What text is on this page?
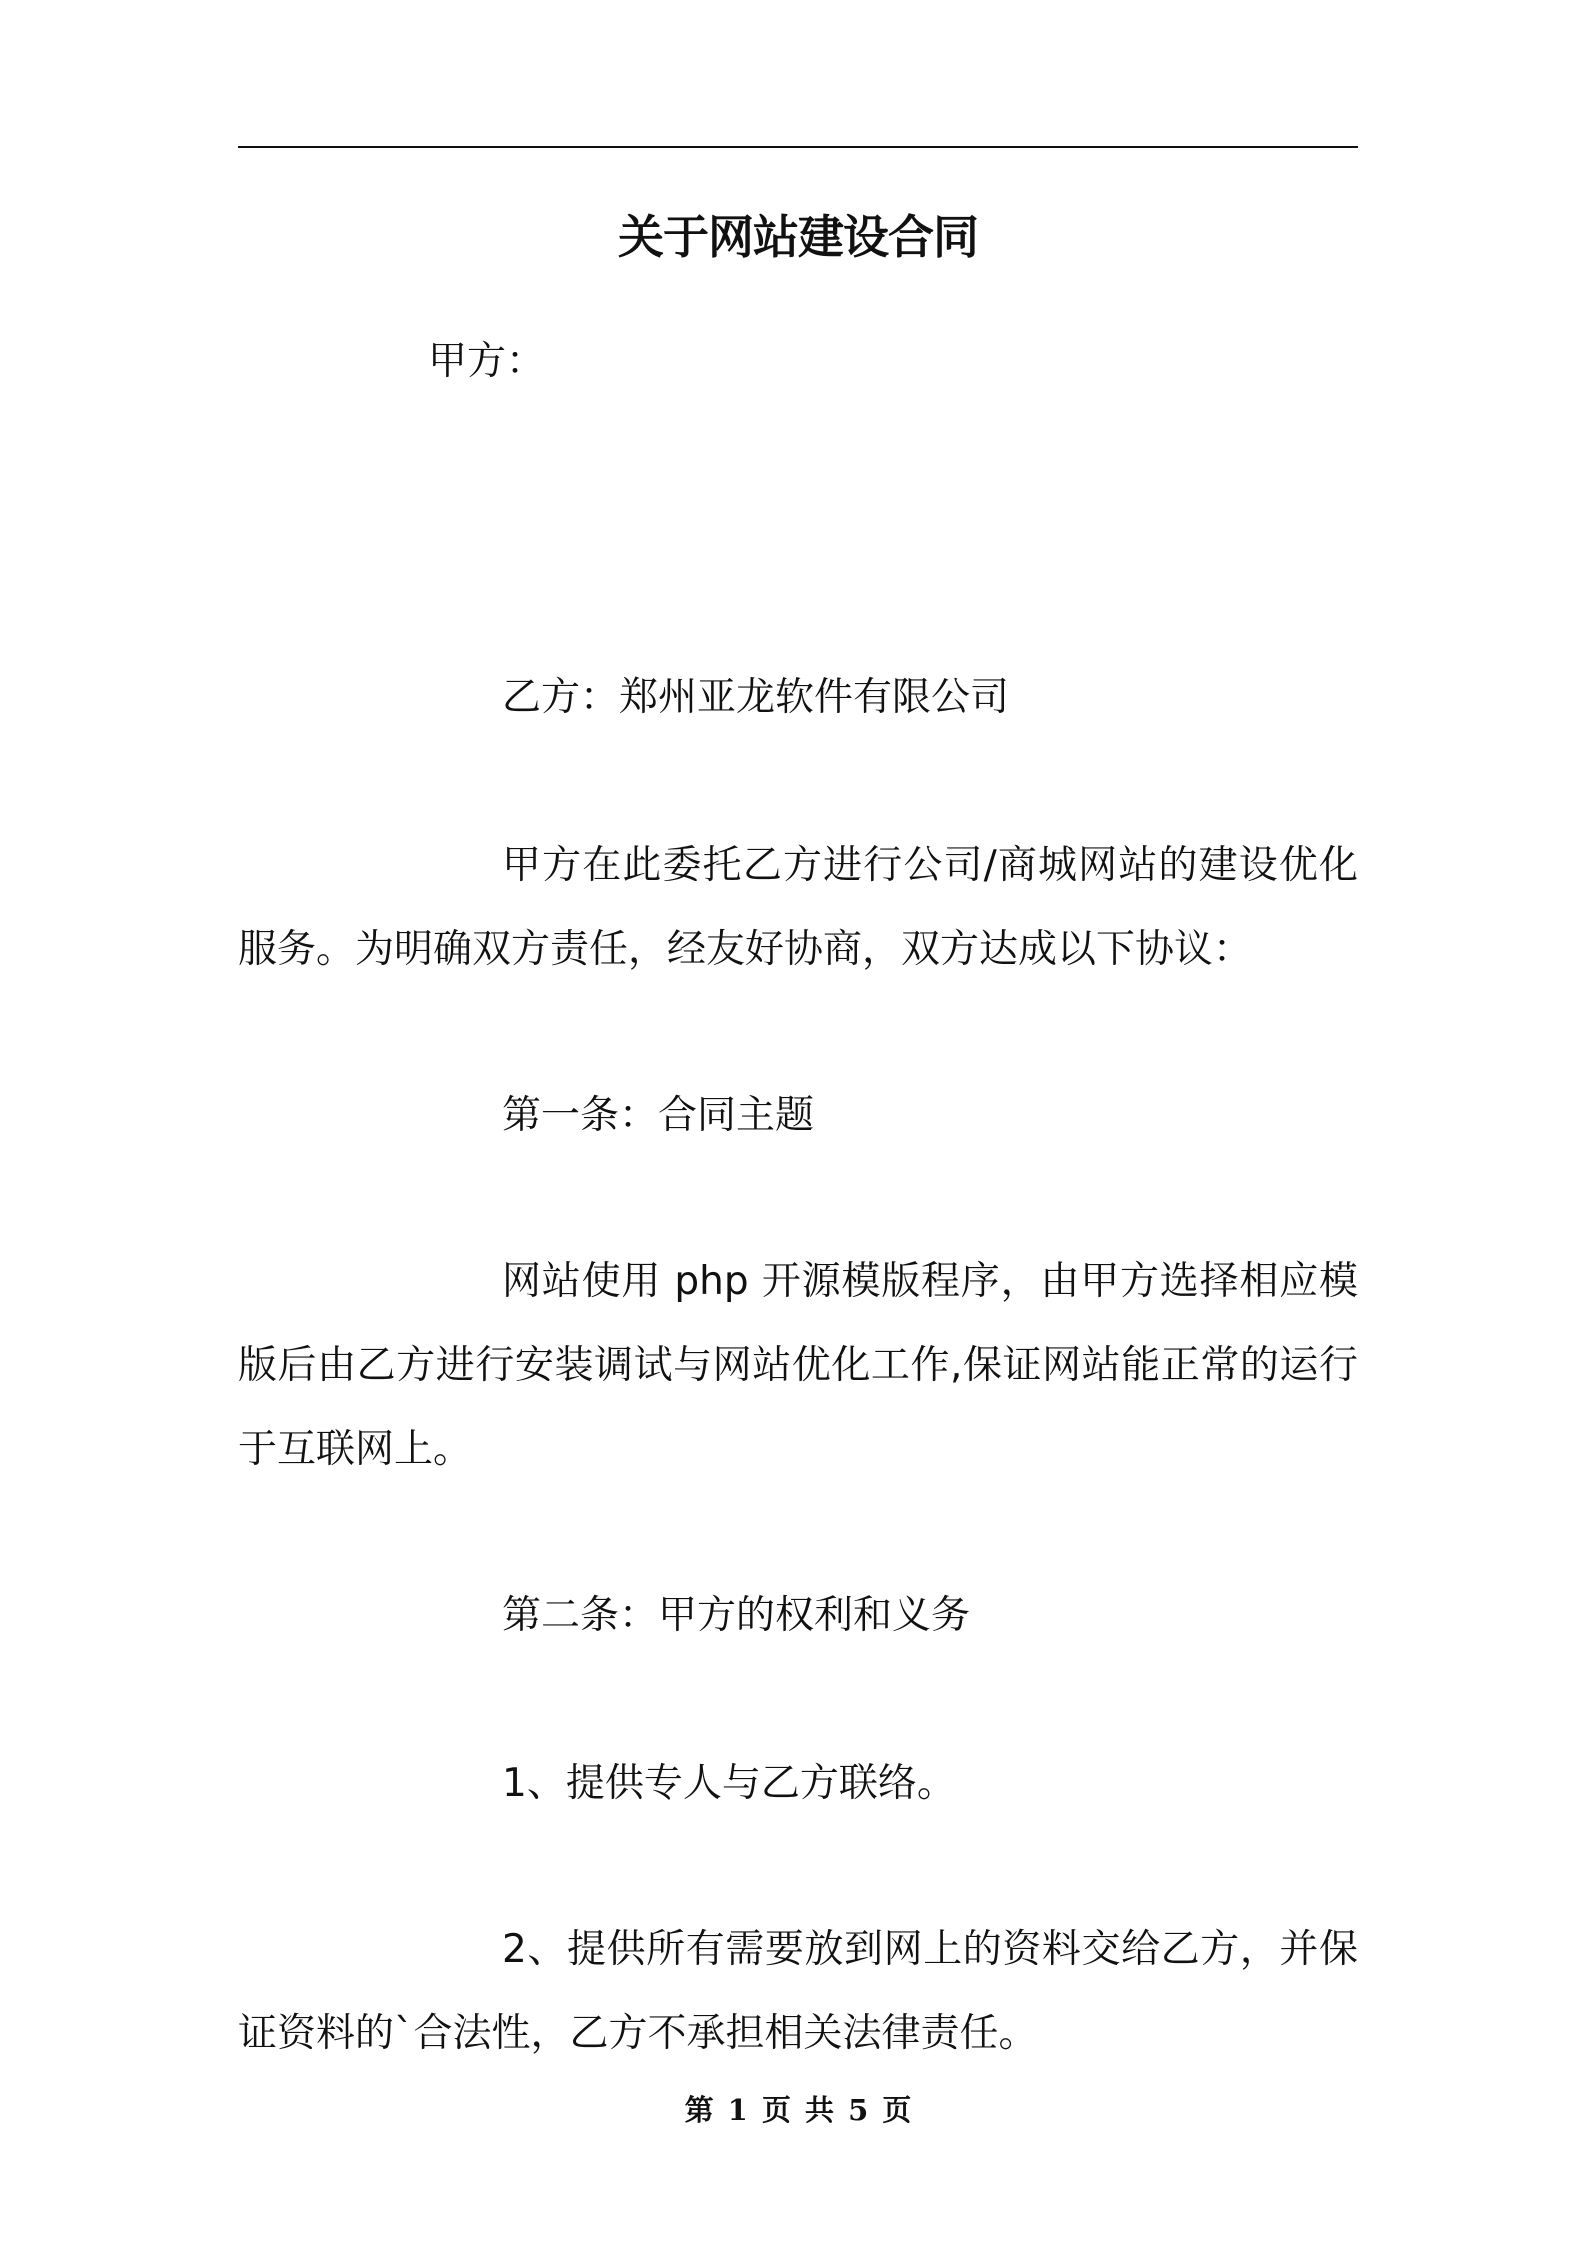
关于网站建设合同

甲方：

乙方：郑州亚龙软件有限公司

甲方在此委托乙方进行公司/商城网站的建设优化服务。为明确双方责任，经友好协商，双方达成以下协议：

第一条：合同主题

网站使用 php 开源模版程序，由甲方选择相应模版后由乙方进行安装调试与网站优化工作,保证网站能正常的运行于互联网上。

第二条：甲方的权利和义务

1、提供专人与乙方联络。

2、提供所有需要放到网上的资料交给乙方，并保证资料的`合法性，乙方不承担相关法律责任。

第 1 页 共 5 页
